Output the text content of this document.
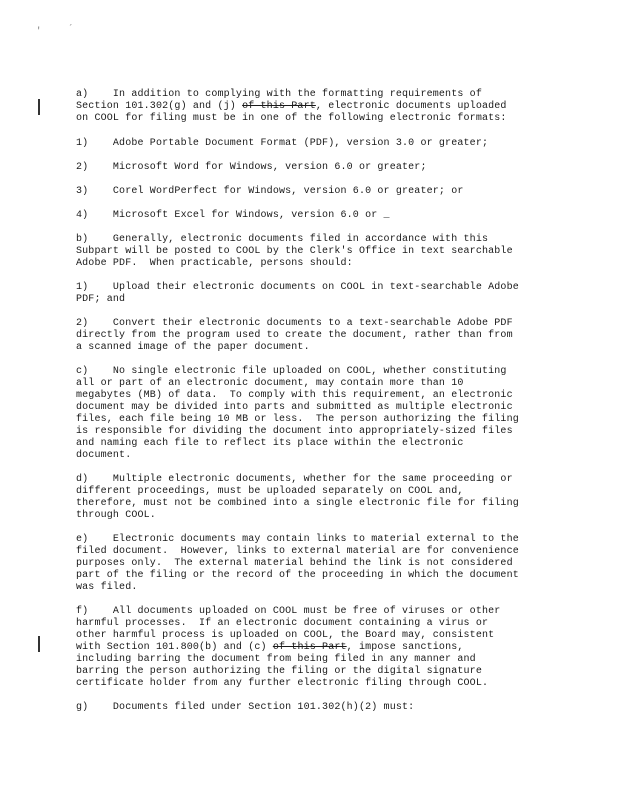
'	´
a)    In addition to complying with the formatting requirements of
Section 101.302(g) and (j) of this Part, electronic documents uploaded
on COOL for filing must be in one of the following electronic formats:
1)    Adobe Portable Document Format (PDF), version 3.0 or greater;
2)    Microsoft Word for Windows, version 6.0 or greater;
3)    Corel WordPerfect for Windows, version 6.0 or greater; or
4)    Microsoft Excel for Windows, version 6.0 or _
b)    Generally, electronic documents filed in accordance with this
Subpart will be posted to COOL by the Clerk's Office in text searchable
Adobe PDF.  When practicable, persons should:
1)    Upload their electronic documents on COOL in text-searchable Adobe
PDF; and
2)    Convert their electronic documents to a text-searchable Adobe PDF
directly from the program used to create the document, rather than from
a scanned image of the paper document.
c)    No single electronic file uploaded on COOL, whether constituting
all or part of an electronic document, may contain more than 10
megabytes (MB) of data.  To comply with this requirement, an electronic
document may be divided into parts and submitted as multiple electronic
files, each file being 10 MB or less.  The person authorizing the filing
is responsible for dividing the document into appropriately-sized files
and naming each file to reflect its place within the electronic
document.
d)    Multiple electronic documents, whether for the same proceeding or
different proceedings, must be uploaded separately on COOL and,
therefore, must not be combined into a single electronic file for filing
through COOL.
e)    Electronic documents may contain links to material external to the
filed document.  However, links to external material are for convenience
purposes only.  The external material behind the link is not considered
part of the filing or the record of the proceeding in which the document
was filed.
f)    All documents uploaded on COOL must be free of viruses or other
harmful processes.  If an electronic document containing a virus or
other harmful process is uploaded on COOL, the Board may, consistent
with Section 101.800(b) and (c) of this Part, impose sanctions,
including barring the document from being filed in any manner and
barring the person authorizing the filing or the digital signature
certificate holder from any further electronic filing through COOL.
g)    Documents filed under Section 101.302(h)(2) must:
